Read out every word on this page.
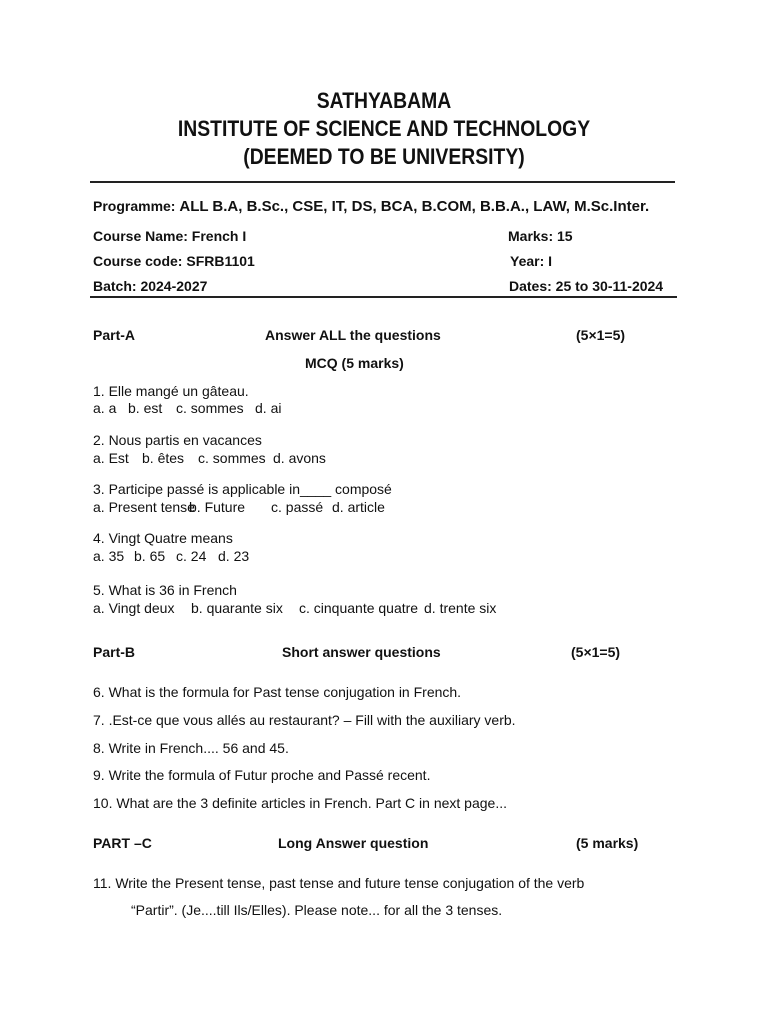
SATHYABAMA
INSTITUTE OF SCIENCE AND TECHNOLOGY
(DEEMED TO BE UNIVERSITY)
Programme: ALL B.A, B.Sc., CSE, IT, DS, BCA, B.COM, B.B.A., LAW, M.Sc.Inter.
Course Name: French I	Marks: 15
Course code: SFRB1101	Year: I
Batch: 2024-2027	Dates: 25 to 30-11-2024
Part-A	Answer ALL the questions	(5×1=5)
MCQ (5 marks)
1. Elle mangé un gâteau.
a. a b. est c. sommes d. ai
2. Nous partis en vacances
a. Est b. êtes c. sommes d. avons
3. Participe passé is applicable in____ composé
a. Present tenseb. Future c. passé d. article
4. Vingt Quatre means
a. 35 b. 65 c. 24 d. 23
5. What is 36 in French
a. Vingt deux b. quarante six c. cinquante quatre d. trente six
Part-B	Short answer questions	(5×1=5)
6. What is the formula for Past tense conjugation in French.
7. .Est-ce que vous allés au restaurant? – Fill with the auxiliary verb.
8. Write in French.... 56 and 45.
9. Write the formula of Futur proche and Passé recent.
10. What are the 3 definite articles in French. Part C in next page...
PART –C	Long Answer question	(5 marks)
11. Write the Present tense, past tense and future tense conjugation of the verb
“Partir”. (Je....till Ils/Elles). Please note... for all the 3 tenses.
